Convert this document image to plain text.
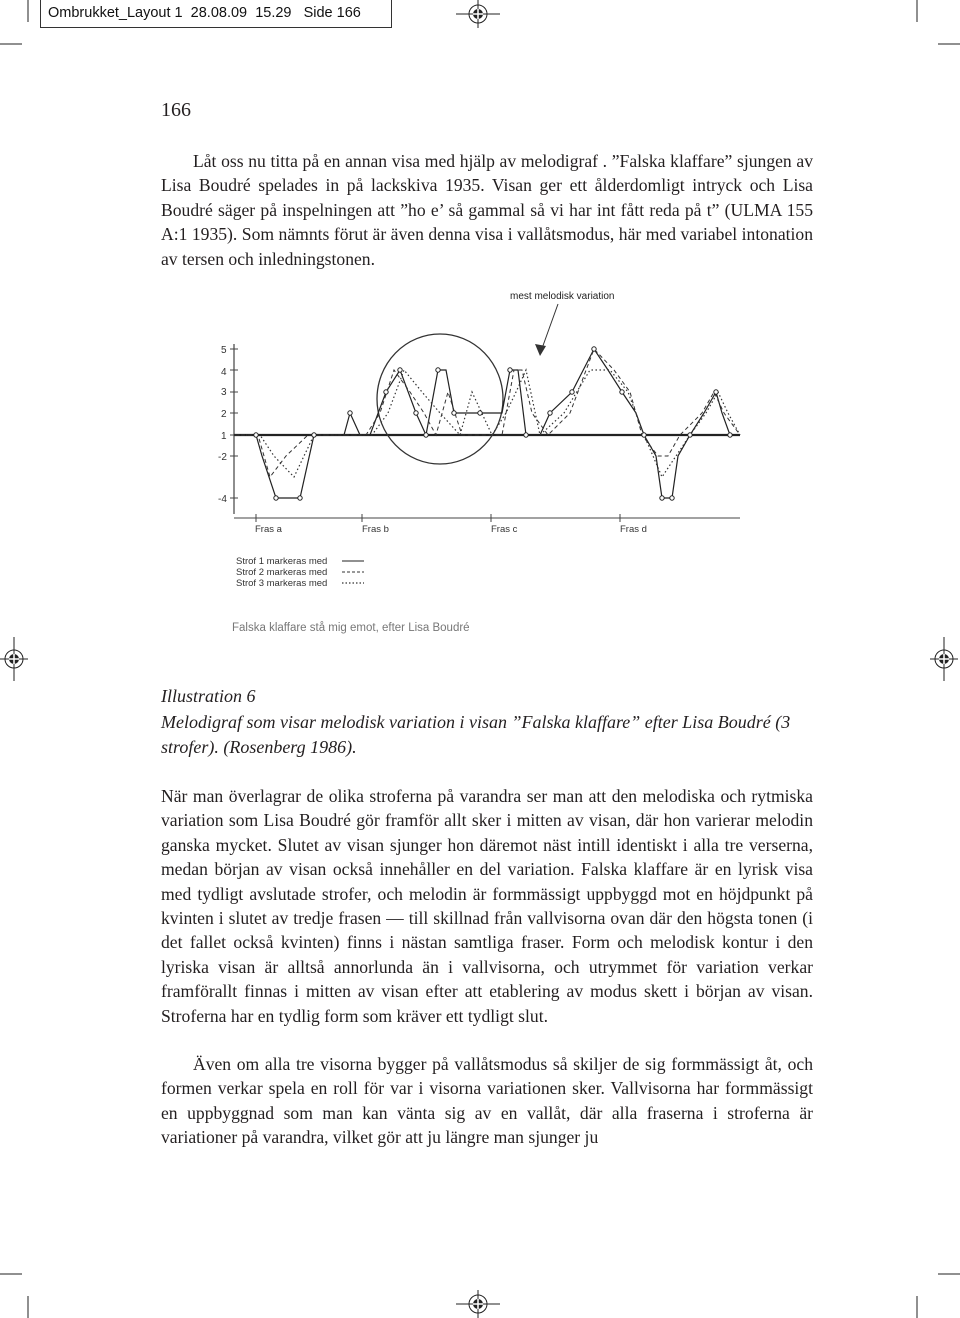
Ombrukket_Layout 1 28.08.09 15.29 Side 166
166

Låt oss nu titta på en annan visa med hjälp av melodigraf . ”Falska klaffare” sjungen av Lisa Boudré spelades in på lackskiva 1935. Visan ger ett ålderdomligt intryck och Lisa Boudré säger på inspelningen att ”ho e’ så gammal så vi har int fått reda på t” (ULMA 155 A:1 1935). Som nämnts förut är även denna visa i vallåtsmodus, här med variabel intonation av tersen och inledningstonen.

mest melodisk variation
5
4
3
2
1
-2
-4
Fras a	Fras b	Fras c	Fras d
Strof 1 markeras med
Strof 2 markeras med
Strof 3 markeras med
Falska klaffare stå mig emot, efter Lisa Boudré

Illustration 6

Melodigraf som visar melodisk variation i visan ”Falska klaffare” efter Lisa Boudré (3 strofer). (Rosenberg 1986).

När man överlagrar de olika stroferna på varandra ser man att den melodiska och rytmiska variation som Lisa Boudré gör framför allt sker i mitten av visan, där hon varierar melodin ganska mycket. Slutet av visan sjunger hon däremot näst intill identiskt i alla tre verserna, medan början av visan också innehåller en del variation. Falska klaffare är en lyrisk visa med tydligt avslutade strofer, och melodin är formmässigt uppbyggd mot en höjdpunkt på kvinten i slutet av tredje frasen — till skillnad från vallvisorna ovan där den högsta tonen (i det fallet också kvinten) finns i nästan samtliga fraser. Form och melodisk kontur i den lyriska visan är alltså annorlunda än i vallvisorna, och utrymmet för variation verkar framförallt finnas i mitten av visan efter att etablering av modus skett i början av visan. Stroferna har en tydlig form som kräver ett tydligt slut.

Även om alla tre visorna bygger på vallåtsmodus så skiljer de sig formmässigt åt, och formen verkar spela en roll för var i visorna variationen sker. Vallvisorna har formmässigt en uppbyggnad som man kan vänta sig av en vallåt, där alla fraserna i stroferna är variationer på varandra, vilket gör att ju längre man sjunger ju
